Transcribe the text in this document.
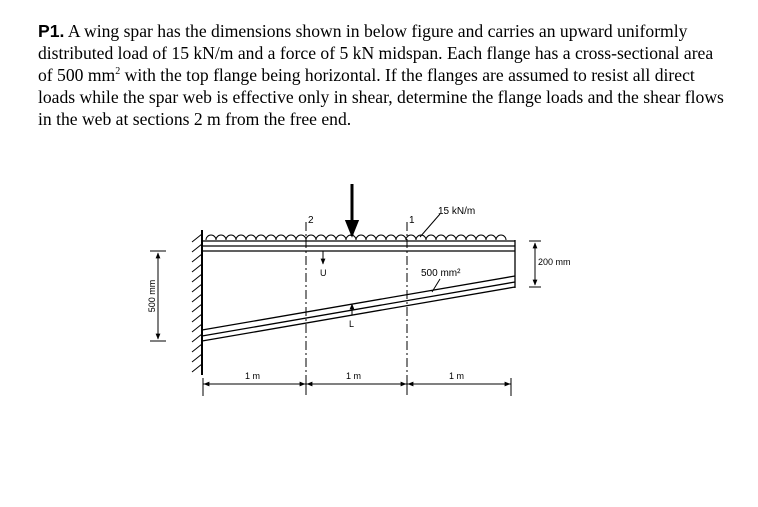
P1. A wing spar has the dimensions shown in below figure and carries an upward uniformly distributed load of 15 kN/m and a force of 5 kN midspan. Each flange has a cross-sectional area of 500 $mm^2$ with the top flange being horizontal. If the flanges are assumed to resist all direct loads while the spar web is effective only in shear, determine the flange loads and the shear flows in the web at sections 2 m from the free end.

2	1
15 kN/m
U
L
500 mm²
200 mm
500 mm
1 m	1 m	1 m
